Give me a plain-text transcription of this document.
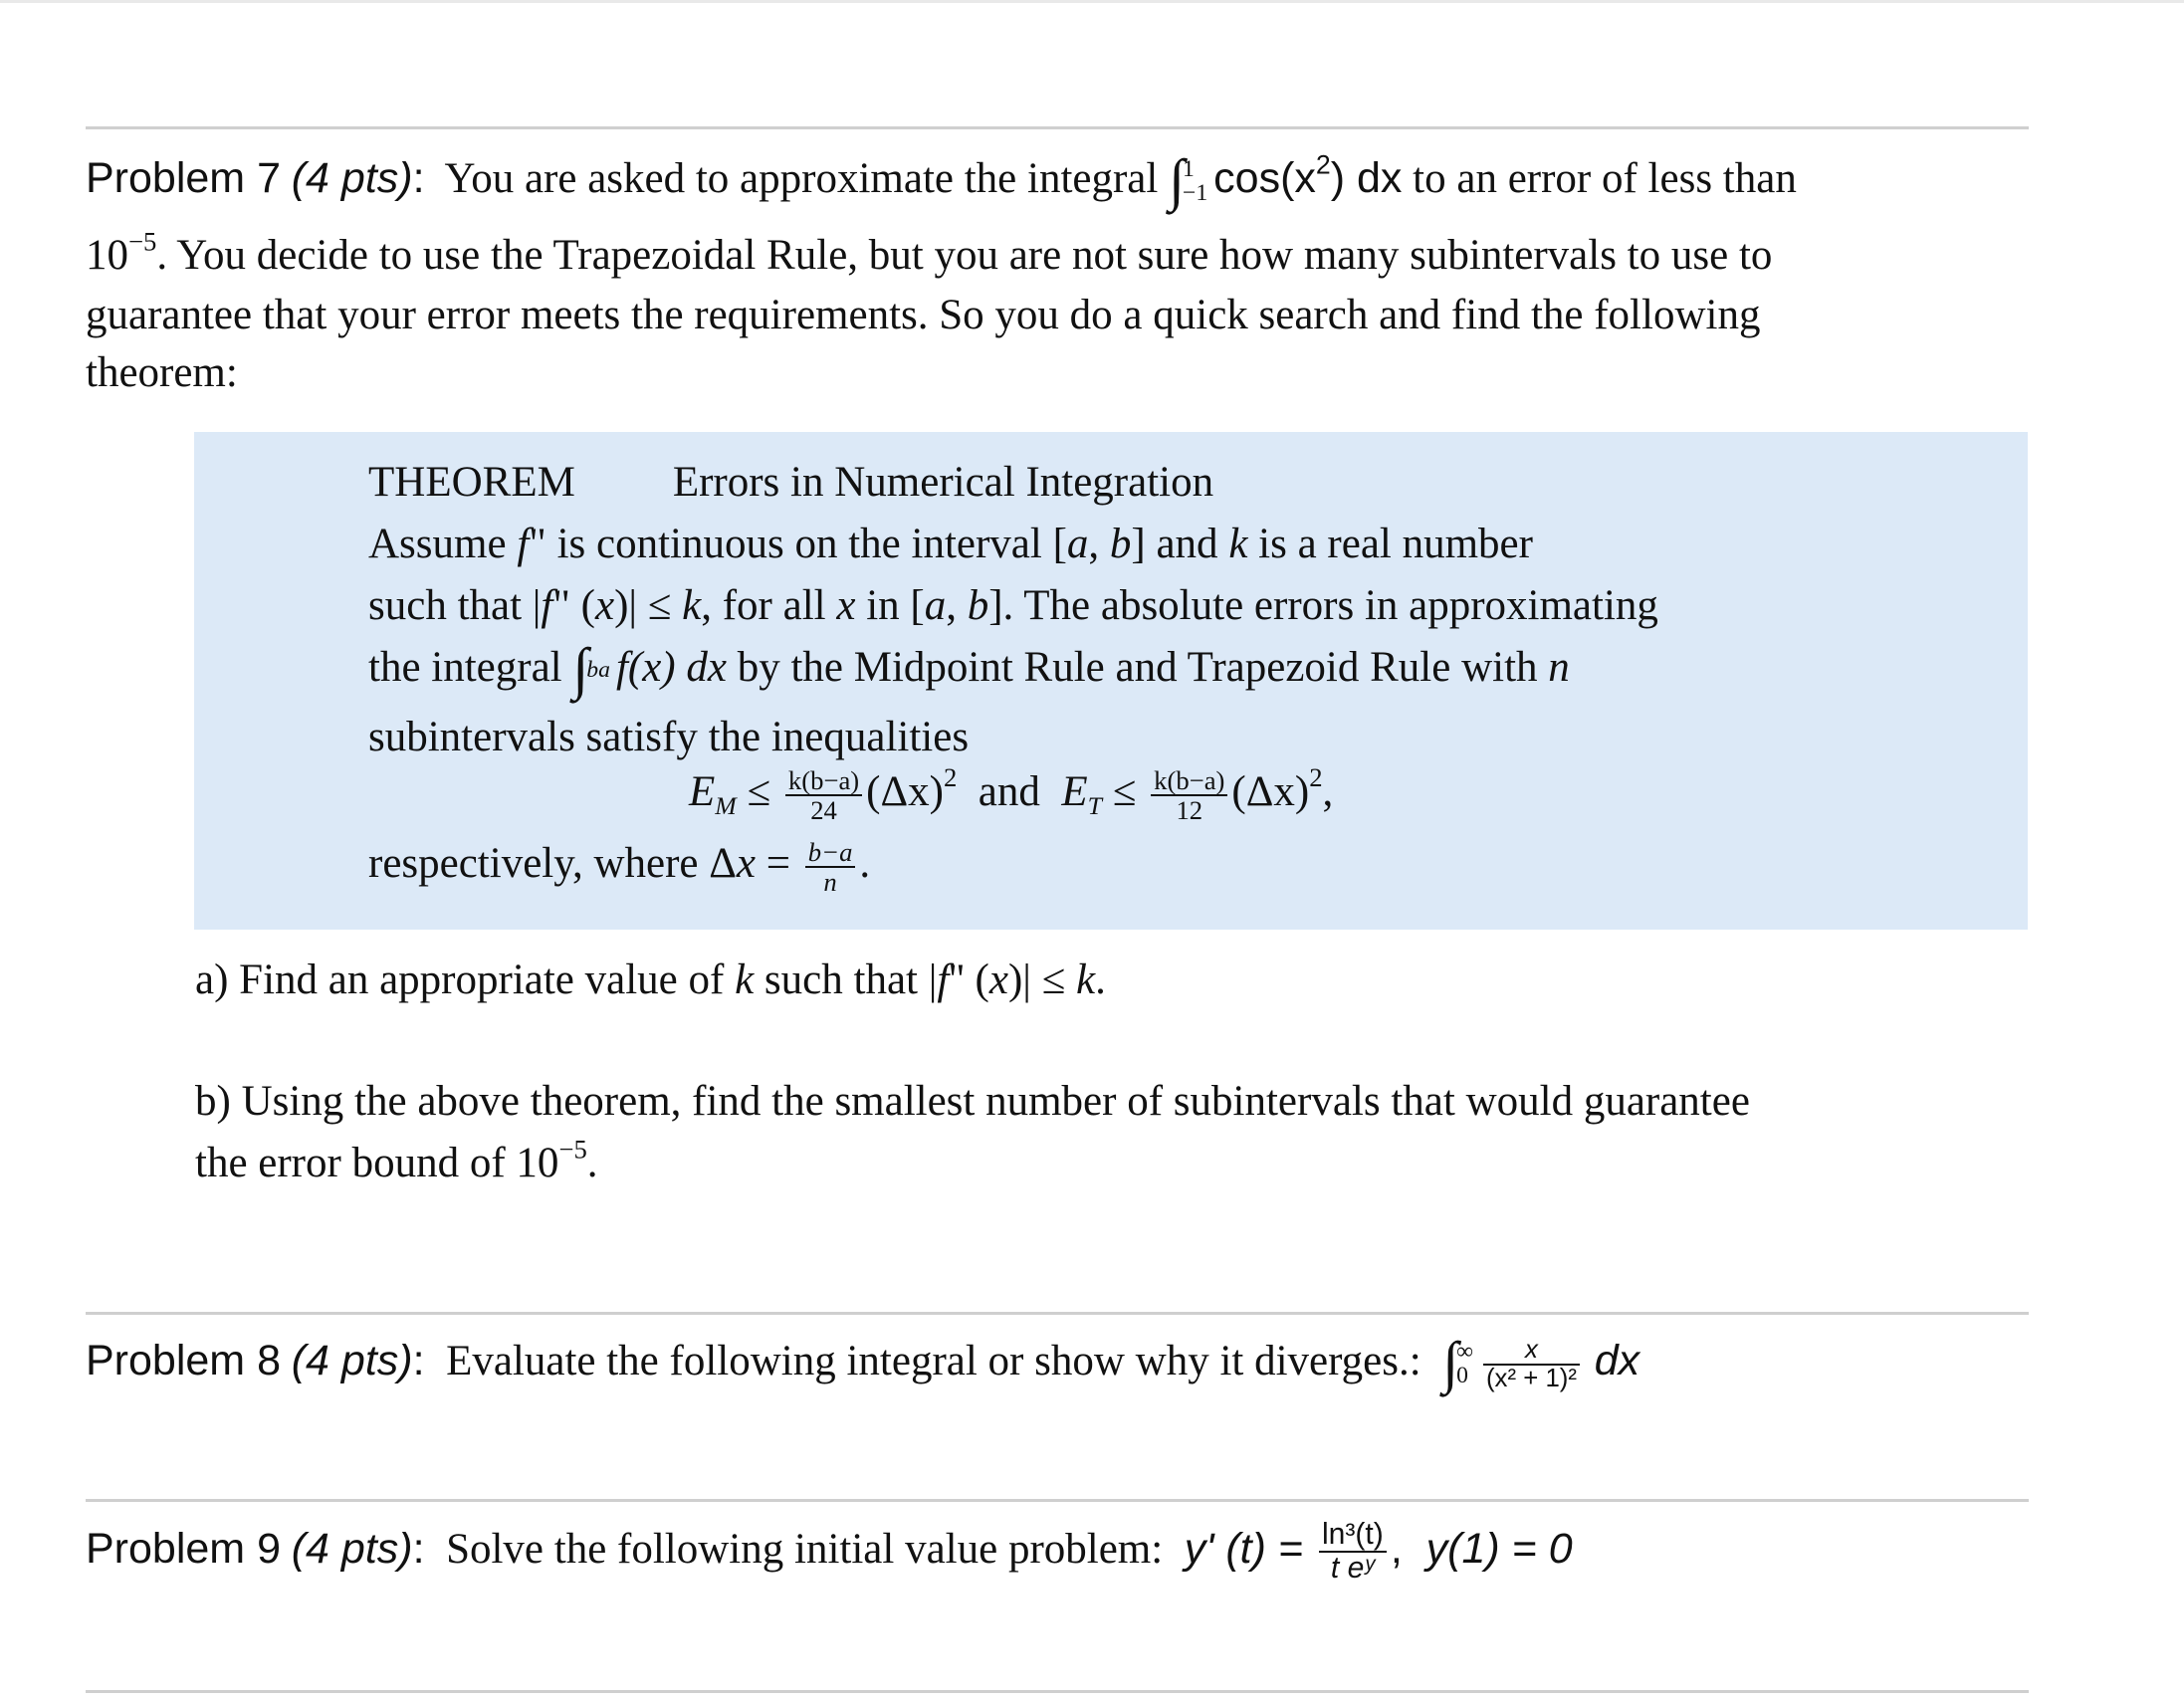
Problem 7 (4 pts): You are asked to approximate the integral ∫
1
−1 $\cos(x^2)$ dx to an error of less than
$10^{-5}$. You decide to use the Trapezoidal Rule, but you are not sure how many subintervals to use to
guarantee that your error meets the requirements. So you do a quick search and find the following
theorem:
THEOREM Errors in Numerical Integration
Assume f" is continuous on the interval [a, b] and k is a real number
such that |f" (x)| ≤ k, for all x in [a, b]. The absolute errors in approximating
the integral ∫ba f(x) dx by the Midpoint Rule and Trapezoid Rule with n
subintervals satisfy the inequalities
$E_M \le \frac{k(b-a)}{24} (\Delta x)^2$ and $E_T \le \frac{k(b-a)}{12} (\Delta x)^2$,
respectively, where $\Delta x = \frac{b-a}{n}$ .
a) Find an appropriate value of k such that |f'' (x)| ≤ k.
b) Using the above theorem, find the smallest number of subintervals that would guarantee
the error bound of $10^{-5}$.
Problem 8 (4 pts): Evaluate the following integral or show why it diverges.: ∫
∞
$0 \frac{x}{\text{(x² + 1)²}}$ dx
Problem 9 (4 pts): Solve the following initial value problem: y' $(t) = \frac{\text{ln³(t)}}{\text{t eʸ}}$ , y(1) = 0
